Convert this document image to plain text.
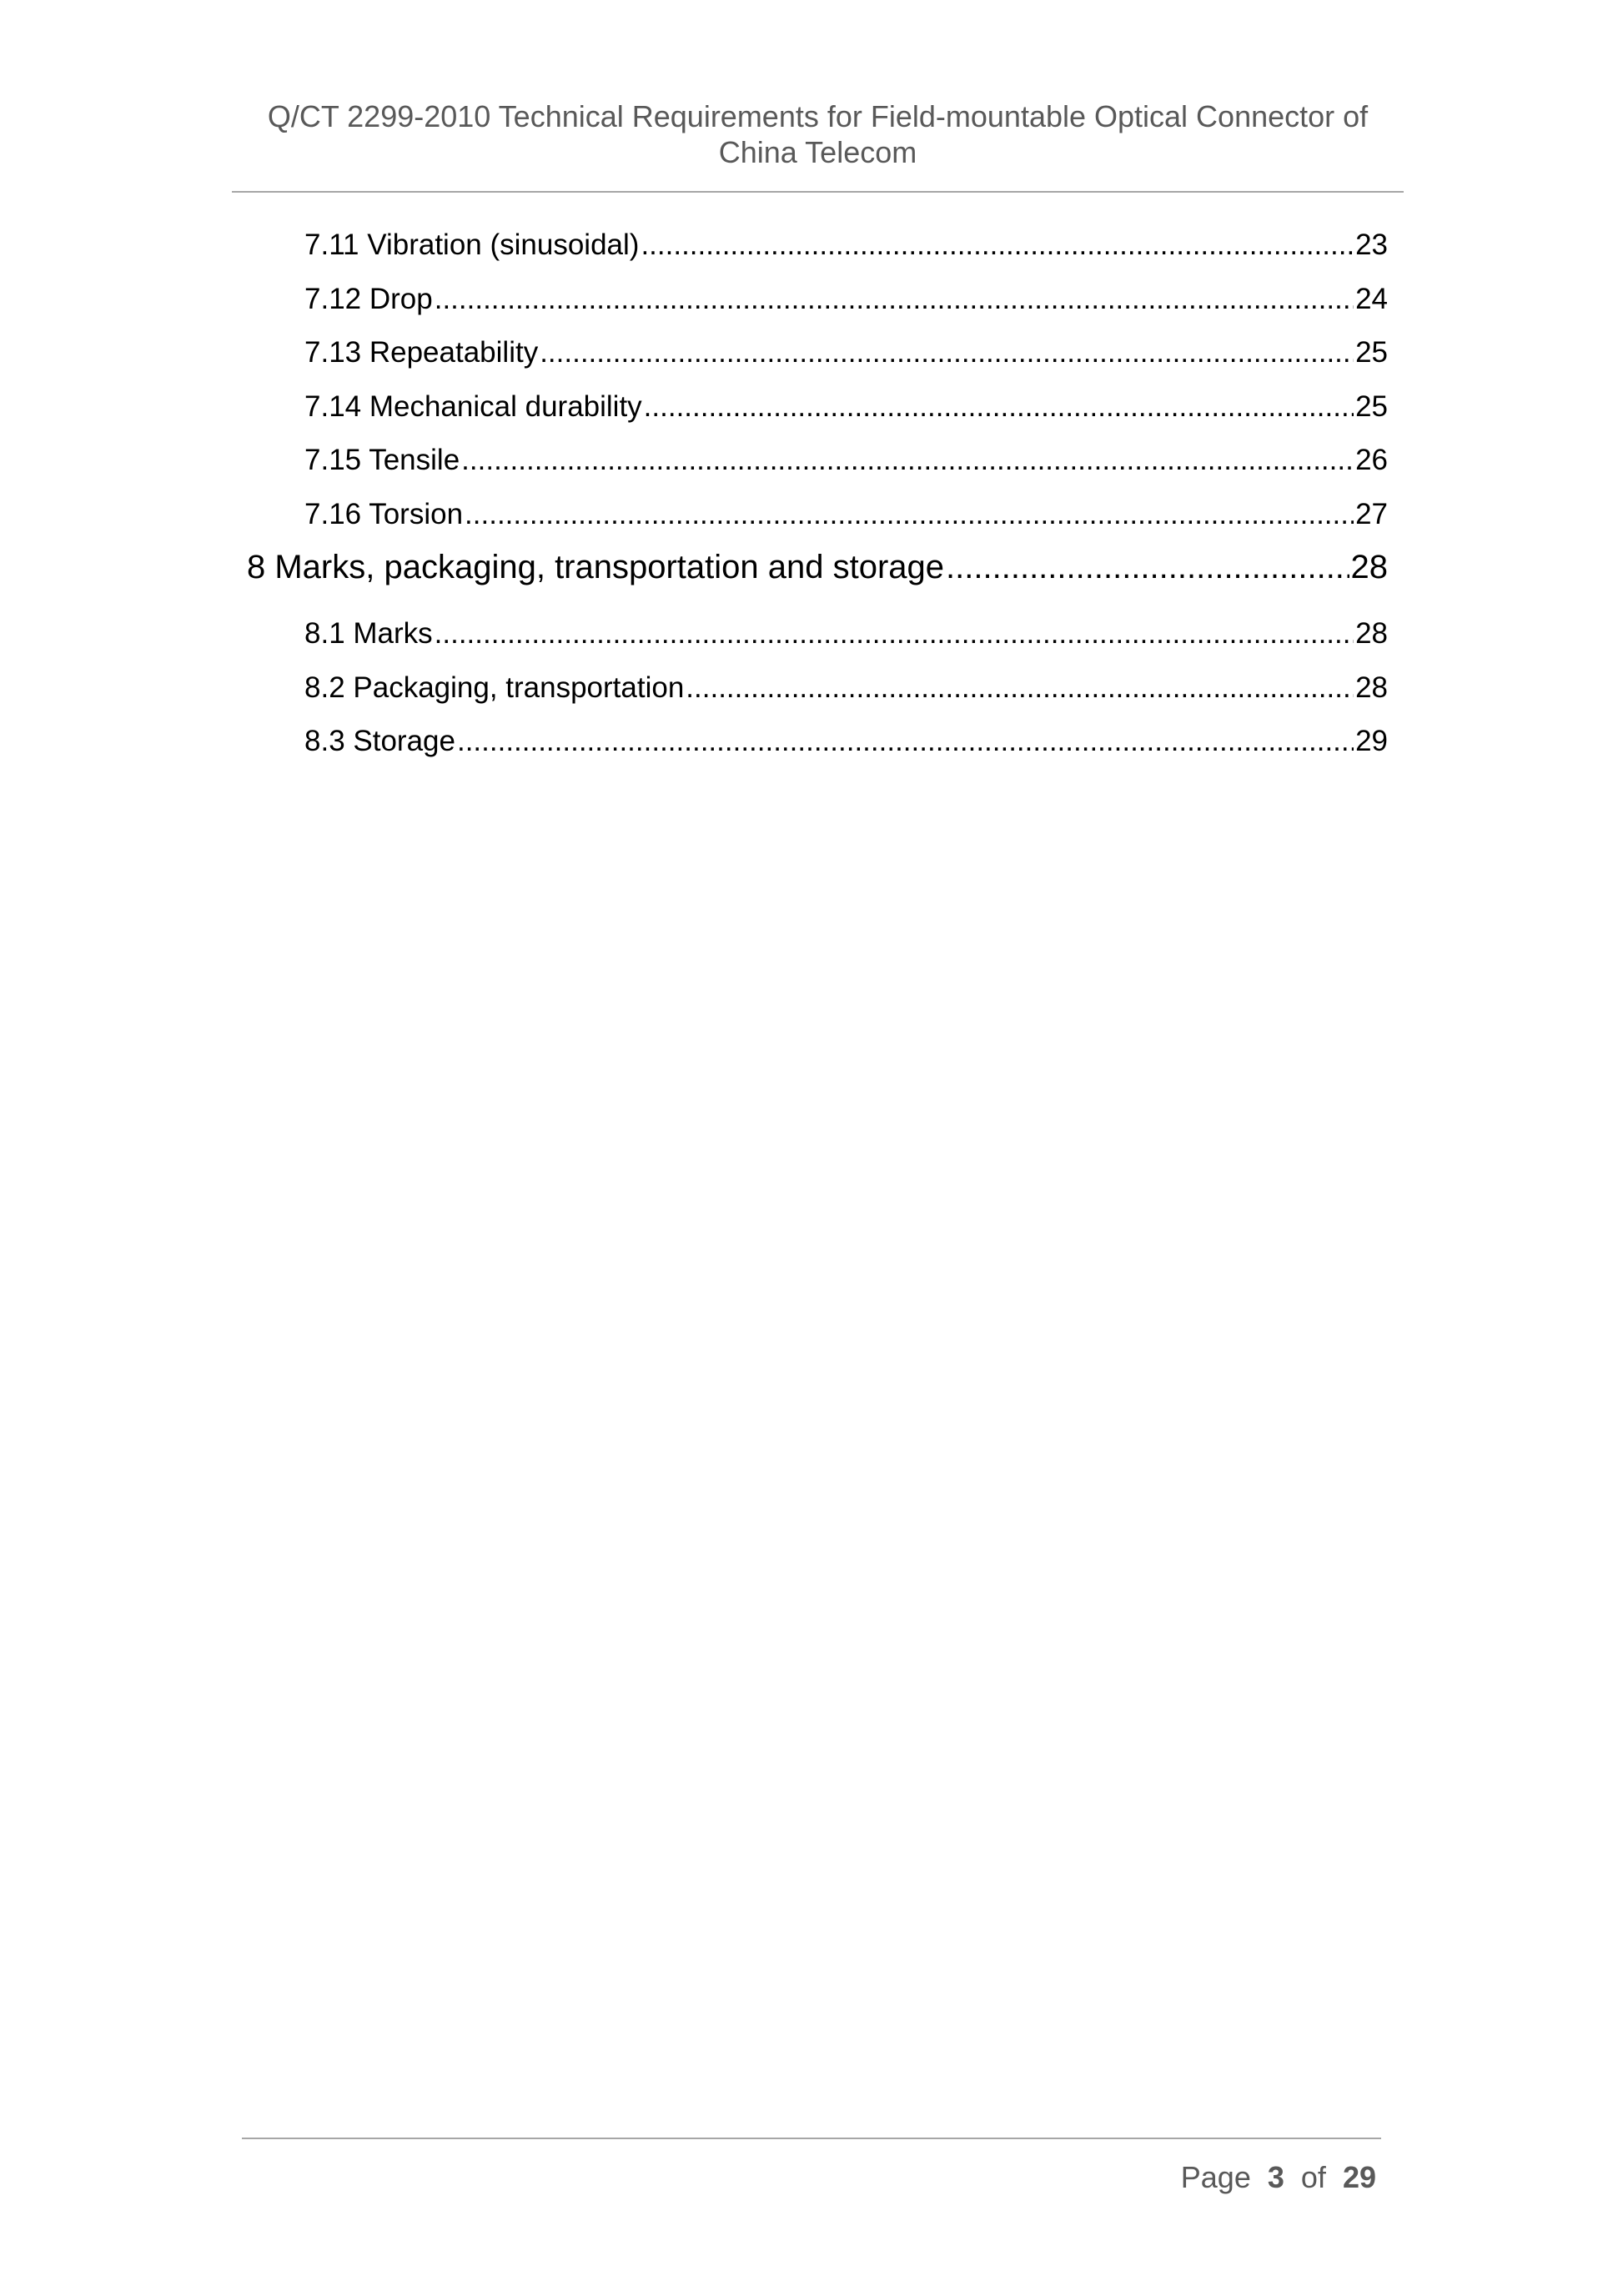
Q/CT 2299-2010 Technical Requirements for Field-mountable Optical Connector of
China Telecom
7.11 Vibration (sinusoidal) .....	23
7.12 Drop .....	24
7.13 Repeatability .....	25
7.14 Mechanical durability .....	25
7.15 Tensile .....	26
7.16 Torsion .....	27
8 Marks, packaging, transportation and storage .....	28
8.1 Marks .....	28
8.2 Packaging, transportation .....	28
8.3 Storage .....	29
Page 3 of 29
